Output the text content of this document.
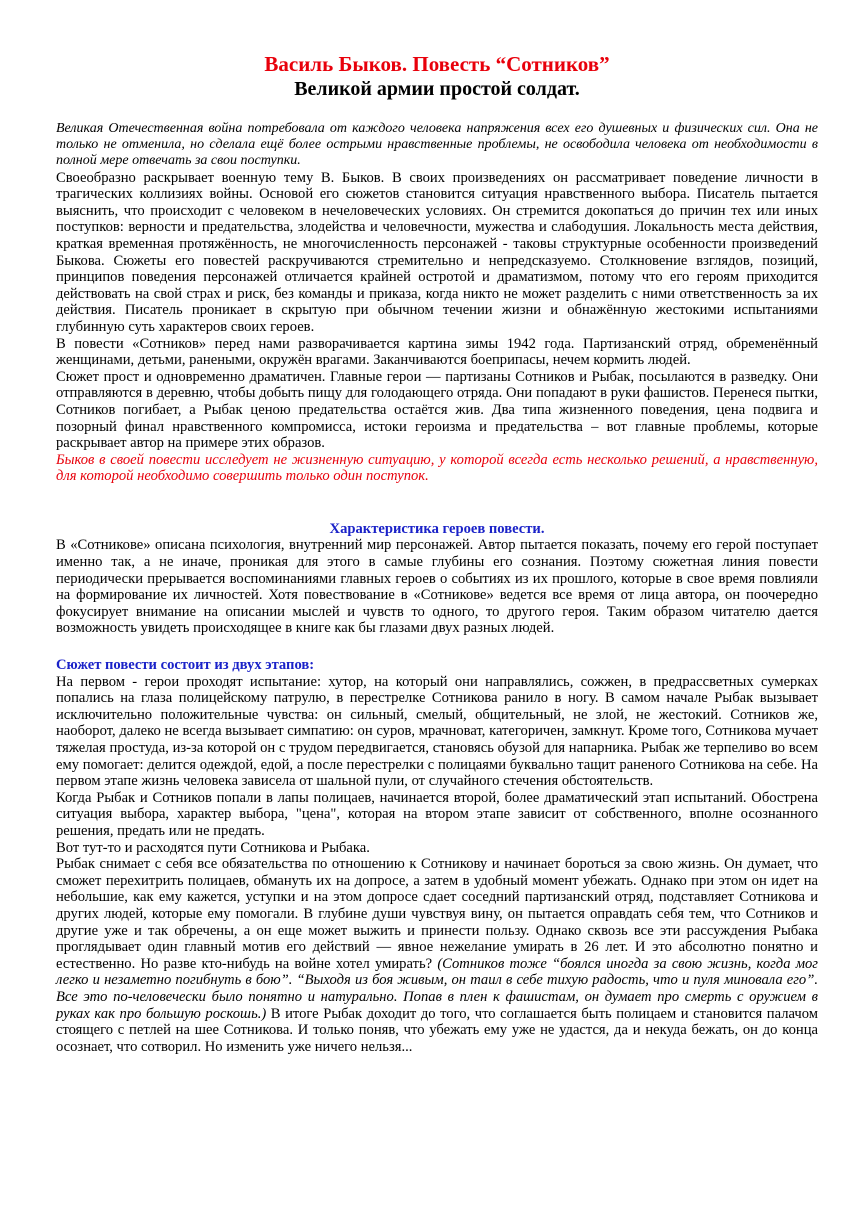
Василь Быков. Повесть “Сотников”
Великой армии простой солдат.

Великая Отечественная война потребовала от каждого человека напряжения всех его душевных и физических сил. Она не только не отменила, но сделала ещё более острыми нравственные проблемы, не освободила человека от необходимости в полной мере отвечать за свои поступки.

Своеобразно раскрывает военную тему В. Быков. В своих произведениях он рассматривает поведение личности в трагических коллизиях войны. Основой его сюжетов становится ситуация нравственного выбора. Писатель пытается выяснить, что происходит с человеком в нечеловеческих условиях. Он стремится докопаться до причин тех или иных поступков: верности и предательства, злодейства и человечности, мужества и слабодушия. Локальность места действия, краткая временная протяжённость, не многочисленность персонажей - таковы структурные особенности произведений Быкова. Сюжеты его повестей раскручиваются стремительно и непредсказуемо. Столкновение взглядов, позиций, принципов поведения персонажей отличается крайней остротой и драматизмом, потому что его героям приходится действовать на свой страх и риск, без команды и приказа, когда никто не может разделить с ними ответственность за их действия. Писатель проникает в скрытую при обычном течении жизни и обнажённую жестокими испытаниями глубинную суть характеров своих героев.

В повести «Сотников» перед нами разворачивается картина зимы 1942 года. Партизанский отряд, обременённый женщинами, детьми, ранеными, окружён врагами. Заканчиваются боеприпасы, нечем кормить людей.

Сюжет прост и одновременно драматичен. Главные герои — партизаны Сотников и Рыбак, посылаются в разведку. Они отправляются в деревню, чтобы добыть пищу для голодающего отряда. Они попадают в руки фашистов. Перенеся пытки, Сотников погибает, а Рыбак ценою предательства остаётся жив. Два типа жизненного поведения, цена подвига и позорный финал нравственного компромисса, истоки героизма и предательства – вот главные проблемы, которые раскрывает автор на примере этих образов.

Быков в своей повести исследует не жизненную ситуацию, у которой всегда есть несколько решений, а нравственную, для которой необходимо совершить только один поступок.

Характеристика героев повести.

В «Сотникове» описана психология, внутренний мир персонажей. Автор пытается показать, почему его герой поступает именно так, а не иначе, проникая для этого в самые глубины его сознания. Поэтому сюжетная линия повести периодически прерывается воспоминаниями главных героев о событиях из их прошлого, которые в свое время повлияли на формирование их личностей. Хотя повествование в «Сотникове» ведется все время от лица автора, он поочередно фокусирует внимание на описании мыслей и чувств то одного, то другого героя. Таким образом читателю дается возможность увидеть происходящее в книге как бы глазами двух разных людей.

Сюжет повести состоит из двух этапов:

На первом - герои проходят испытание: хутор, на который они направлялись, сожжен, в предрассветных сумерках попались на глаза полицейскому патрулю, в перестрелке Сотникова ранило в ногу. В самом начале Рыбак вызывает исключительно положительные чувства: он сильный, смелый, общительный, не злой, не жестокий. Сотников же, наоборот, далеко не всегда вызывает симпатию: он суров, мрачноват, категоричен, замкнут. Кроме того, Сотникова мучает тяжелая простуда, из-за которой он с трудом передвигается, становясь обузой для напарника. Рыбак же терпеливо во всем ему помогает: делится одеждой, едой, а после перестрелки с полицаями буквально тащит раненого Сотникова на себе. На первом этапе жизнь человека зависела от шальной пули, от случайного стечения обстоятельств.

Когда Рыбак и Сотников попали в лапы полицаев, начинается второй, более драматический этап испытаний. Обострена ситуация выбора, характер выбора, "цена", которая на втором этапе зависит от собственного, вполне осознанного решения, предать или не предать.

Вот тут-то и расходятся пути Сотникова и Рыбака.

Рыбак снимает с себя все обязательства по отношению к Сотникову и начинает бороться за свою жизнь. Он думает, что сможет перехитрить полицаев, обмануть их на допросе, а затем в удобный момент убежать. Однако при этом он идет на небольшие, как ему кажется, уступки и на этом допросе сдает соседний партизанский отряд, подставляет Сотникова и других людей, которые ему помогали. В глубине души чувствуя вину, он пытается оправдать себя тем, что Сотников и другие уже и так обречены, а он еще может выжить и принести пользу. Однако сквозь все эти рассуждения Рыбака проглядывает один главный мотив его действий — явное нежелание умирать в 26 лет. И это абсолютно понятно и естественно. Но разве кто-нибудь на войне хотел умирать? (Сотников тоже “боялся иногда за свою жизнь, когда мог легко и незаметно погибнуть в бою”. “Выходя из боя живым, он таил в себе тихую радость, что и пуля миновала его”. Все это по-человечески было понятно и натурально. Попав в плен к фашистам, он думает про смерть с оружием в руках как про большую роскошь.) В итоге Рыбак доходит до того, что соглашается быть полицаем и становится палачом стоящего с петлей на шее Сотникова. И только поняв, что убежать ему уже не удастся, да и некуда бежать, он до конца осознает, что сотворил. Но изменить уже ничего нельзя...
